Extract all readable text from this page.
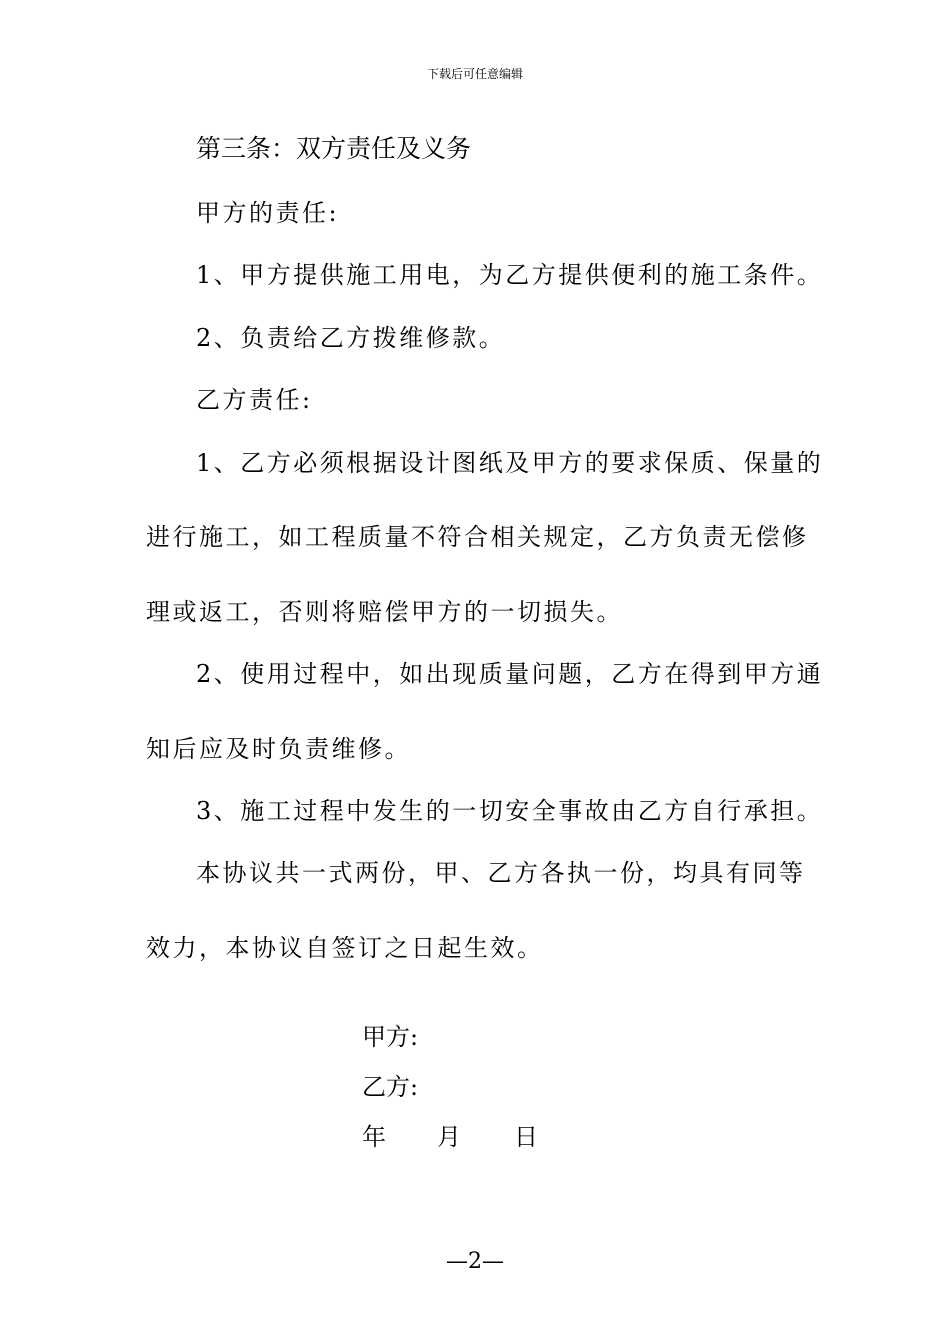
下载后可任意编辑
第三条：双方责任及义务
甲方的责任:
1、甲方提供施工用电，为乙方提供便利的施工条件。
2、负责给乙方拨维修款。
乙方责任:
1、乙方必须根据设计图纸及甲方的要求保质、保量的
进行施工，如工程质量不符合相关规定，乙方负责无偿修
理或返工，否则将赔偿甲方的一切损失。
2、使用过程中，如出现质量问题，乙方在得到甲方通
知后应及时负责维修。
3、施工过程中发生的一切安全事故由乙方自行承担。
本协议共一式两份，甲、乙方各执一份，均具有同等
效力，本协议自签订之日起生效。
甲方:
乙方:
年 月 日
—2—
